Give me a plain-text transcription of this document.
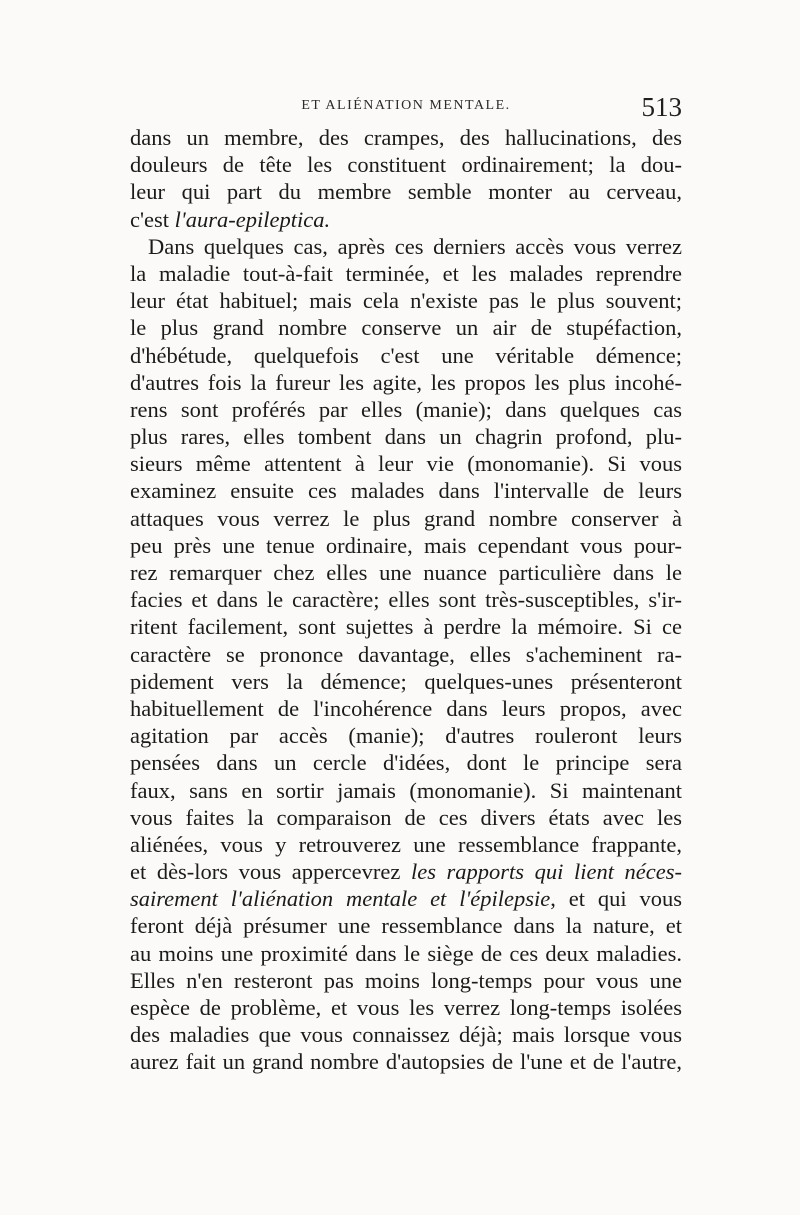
ET ALIÉNATION MENTALE.	513
dans un membre, des crampes, des hallucinations, des
douleurs de tête les constituent ordinairement; la dou-
leur qui part du membre semble monter au cerveau,
c'est l'aura-epileptica.
Dans quelques cas, après ces derniers accès vous verrez
la maladie tout-à-fait terminée, et les malades reprendre
leur état habituel; mais cela n'existe pas le plus souvent;
le plus grand nombre conserve un air de stupéfaction,
d'hébétude, quelquefois c'est une véritable démence;
d'autres fois la fureur les agite, les propos les plus incohé-
rens sont proférés par elles (manie); dans quelques cas
plus rares, elles tombent dans un chagrin profond, plu-
sieurs même attentent à leur vie (monomanie). Si vous
examinez ensuite ces malades dans l'intervalle de leurs
attaques vous verrez le plus grand nombre conserver à
peu près une tenue ordinaire, mais cependant vous pour-
rez remarquer chez elles une nuance particulière dans le
facies et dans le caractère; elles sont très-susceptibles, s'ir-
ritent facilement, sont sujettes à perdre la mémoire. Si ce
caractère se prononce davantage, elles s'acheminent ra-
pidement vers la démence; quelques-unes présenteront
habituellement de l'incohérence dans leurs propos, avec
agitation par accès (manie); d'autres rouleront leurs
pensées dans un cercle d'idées, dont le principe sera
faux, sans en sortir jamais (monomanie). Si maintenant
vous faites la comparaison de ces divers états avec les
aliénées, vous y retrouverez une ressemblance frappante,
et dès-lors vous appercevrez les rapports qui lient néces-
sairement l'aliénation mentale et l'épilepsie, et qui vous
feront déjà présumer une ressemblance dans la nature, et
au moins une proximité dans le siège de ces deux maladies.
Elles n'en resteront pas moins long-temps pour vous une
espèce de problème, et vous les verrez long-temps isolées
des maladies que vous connaissez déjà; mais lorsque vous
aurez fait un grand nombre d'autopsies de l'une et de l'autre,
